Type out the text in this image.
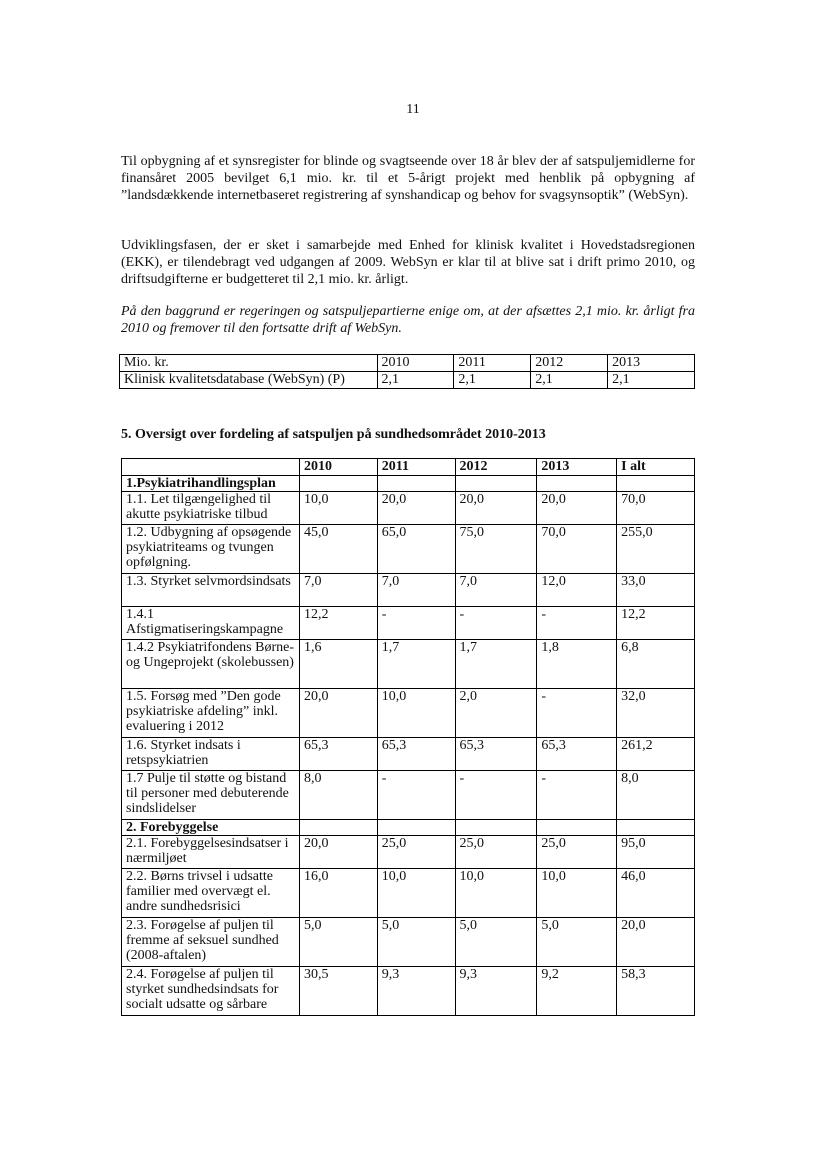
11

Til opbygning af et synsregister for blinde og svagtseende over 18 år blev der af satspuljemidlerne for finansåret 2005 bevilget 6,1 mio. kr. til et 5-årigt projekt med henblik på opbygning af ”landsdækkende internetbaseret registrering af synshandicap og behov for svagsynsoptik” (WebSyn).

Udviklingsfasen, der er sket i samarbejde med Enhed for klinisk kvalitet i Hovedstadsregionen (EKK), er tilendebragt ved udgangen af 2009. WebSyn er klar til at blive sat i drift primo 2010, og driftsudgifterne er budgetteret til 2,1 mio. kr. årligt.

På den baggrund er regeringen og satspuljepartierne enige om, at der afsættes 2,1 mio. kr. årligt fra 2010 og fremover til den fortsatte drift af WebSyn.

Mio. kr.	2010	2011	2012	2013
Klinisk kvalitetsdatabase (WebSyn) (P)	2,1	2,1	2,1	2,1
5. Oversigt over fordeling af satspuljen på sundhedsområdet 2010-2013
	2010	2011	2012	2013	I alt
1.Psykiatrihandlingsplan					
1.1. Let tilgængelighed til akutte psykiatriske tilbud	10,0	20,0	20,0	20,0	70,0
1.2. Udbygning af opsøgende psykiatriteams og tvungen opfølgning.	45,0	65,0	75,0	70,0	255,0
1.3. Styrket selvmordsindsats	7,0	7,0	7,0	12,0	33,0
1.4.1 Afstigmatiseringskampagne	12,2	-	-	-	12,2
1.4.2 Psykiatrifondens Børne- og Ungeprojekt (skolebussen)	1,6	1,7	1,7	1,8	6,8
1.5. Forsøg med ”Den gode psykiatriske afdeling” inkl. evaluering i 2012	20,0	10,0	2,0	-	32,0
1.6. Styrket indsats i retspsykiatrien	65,3	65,3	65,3	65,3	261,2
1.7 Pulje til støtte og bistand til personer med debuterende sindslidelser	8,0	-	-	-	8,0
2. Forebyggelse					
2.1. Forebyggelsesindsatser i nærmiljøet	20,0	25,0	25,0	25,0	95,0
2.2. Børns trivsel i udsatte familier med overvægt el. andre sundhedsrisici	16,0	10,0	10,0	10,0	46,0
2.3. Forøgelse af puljen til fremme af seksuel sundhed (2008-aftalen)	5,0	5,0	5,0	5,0	20,0
2.4. Forøgelse af puljen til styrket sundhedsindsats for socialt udsatte og sårbare	30,5	9,3	9,3	9,2	58,3
